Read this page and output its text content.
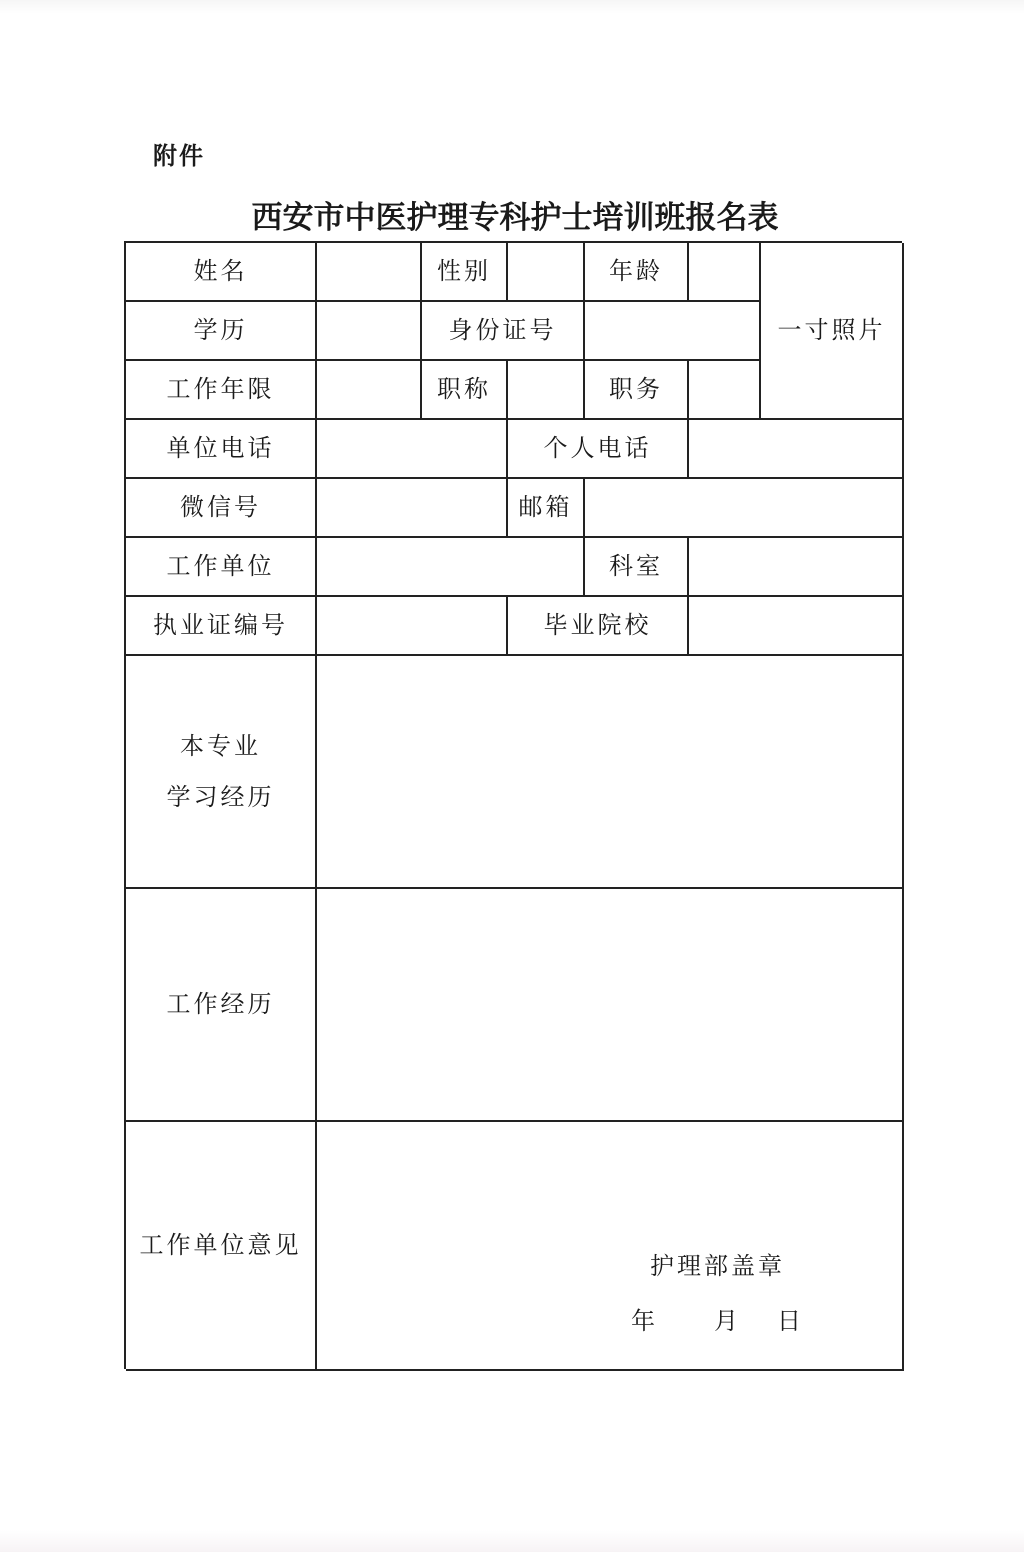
附件
西安市中医护理专科护士培训班报名表
姓名	性别	年龄
一寸照片
学历	身份证号
工作年限	职称	职务
单位电话	个人电话
微信号	邮箱
工作单位	科室
执业证编号	毕业院校
本专业
学习经历
工作经历
工作单位意见
护理部盖章
年 月 日
